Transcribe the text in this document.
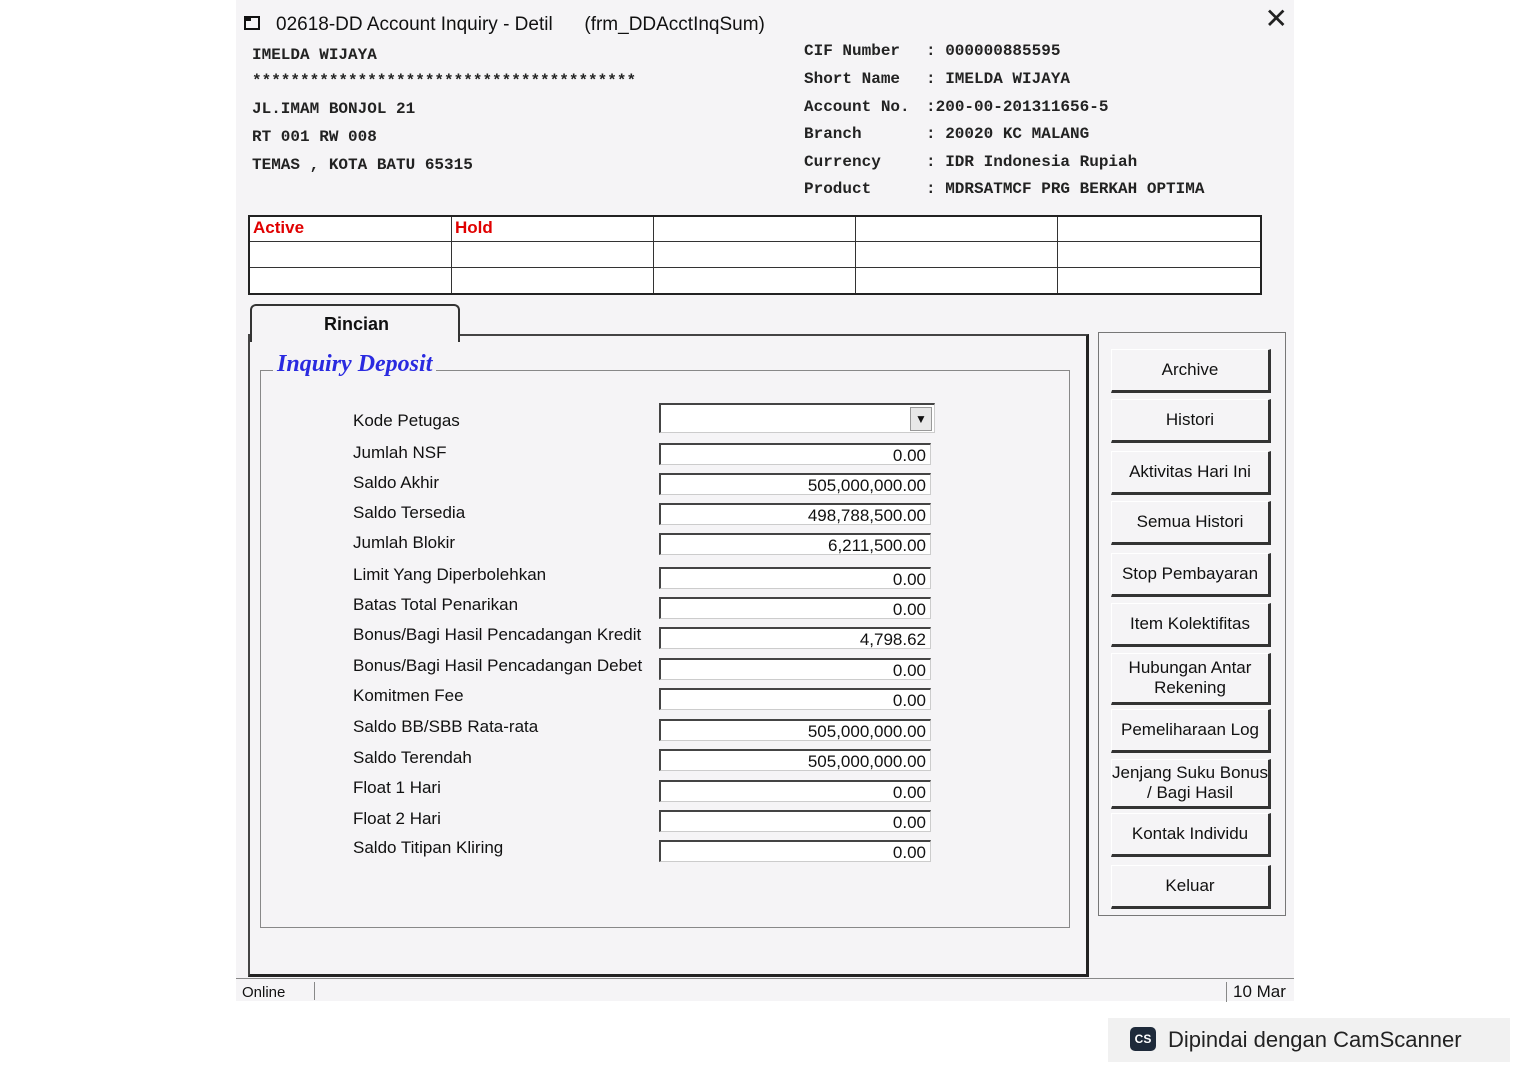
02618-DD Account Inquiry - Detil      (frm_DDAcctInqSum)	✕
IMELDA WIJAYA
****************************************
JL.IMAM BONJOL 21
RT 001 RW 008
TEMAS , KOTA BATU 65315
CIF Number : 000000885595
Short Name : IMELDA WIJAYA
Account No. :200-00-201311656-5
Branch	: 20020 KC MALANG
Currency	: IDR Indonesia Rupiah
Product	: MDRSATMCF PRG BERKAH OPTIMA
Active	Hold
Rincian
Inquiry Deposit
Kode Petugas	▼
Jumlah NSF	0.00
Saldo Akhir	505,000,000.00
Saldo Tersedia	498,788,500.00
Jumlah Blokir	6,211,500.00
Limit Yang Diperbolehkan	0.00
Batas Total Penarikan	0.00
Bonus/Bagi Hasil Pencadangan Kredit	4,798.62
Bonus/Bagi Hasil Pencadangan Debet	0.00
Komitmen Fee	0.00
Saldo BB/SBB Rata-rata	505,000,000.00
Saldo Terendah	505,000,000.00
Float 1 Hari	0.00
Float 2 Hari	0.00
Saldo Titipan Kliring	0.00
Archive
Histori
Aktivitas Hari Ini
Semua Histori
Stop Pembayaran
Item Kolektifitas
Hubungan Antar Rekening
Pemeliharaan Log
Jenjang Suku Bonus / Bagi Hasil
Kontak Individu
Keluar
Online	10 Mar
CS Dipindai dengan CamScanner
